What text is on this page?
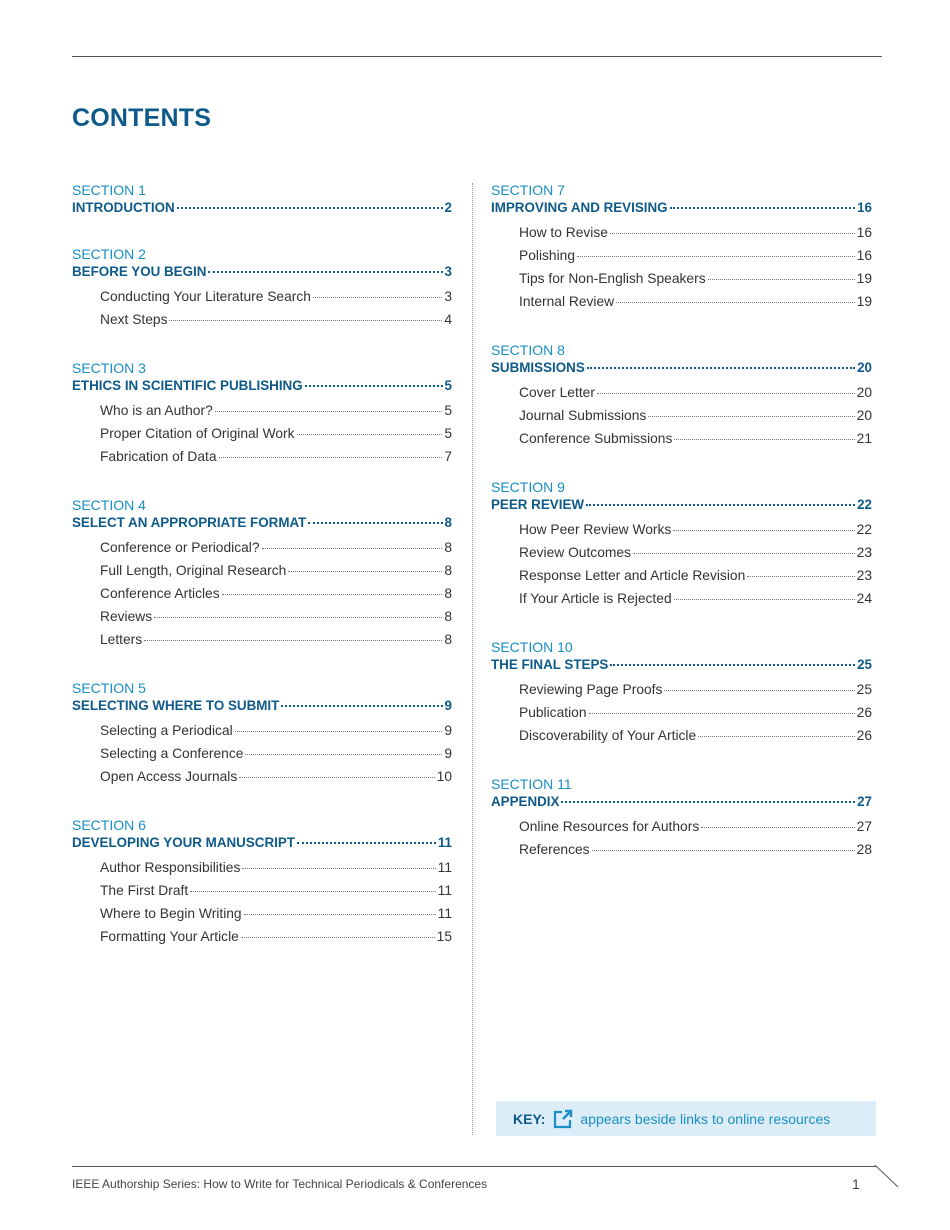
CONTENTS
SECTION 1
INTRODUCTION	2
SECTION 2
BEFORE YOU BEGIN	3
Conducting Your Literature Search	3
Next Steps	4
SECTION 3
ETHICS IN SCIENTIFIC PUBLISHING	5
Who is an Author?	5
Proper Citation of Original Work	5
Fabrication of Data	7
SECTION 4
SELECT AN APPROPRIATE FORMAT	8
Conference or Periodical?	8
Full Length, Original Research	8
Conference Articles	8
Reviews	8
Letters	8
SECTION 5
SELECTING WHERE TO SUBMIT	9
Selecting a Periodical	9
Selecting a Conference	9
Open Access Journals	10
SECTION 6
DEVELOPING YOUR MANUSCRIPT	11
Author Responsibilities	11
The First Draft	11
Where to Begin Writing	11
Formatting Your Article	15
SECTION 7
IMPROVING AND REVISING	16
How to Revise	16
Polishing	16
Tips for Non-English Speakers	19
Internal Review	19
SECTION 8
SUBMISSIONS	20
Cover Letter	20
Journal Submissions	20
Conference Submissions	21
SECTION 9
PEER REVIEW	22
How Peer Review Works	22
Review Outcomes	23
Response Letter and Article Revision	23
If Your Article is Rejected	24
SECTION 10
THE FINAL STEPS	25
Reviewing Page Proofs	25
Publication	26
Discoverability of Your Article	26
SECTION 11
APPENDIX	27
Online Resources for Authors	27
References	28
KEY:	appears beside links to online resources
IEEE Authorship Series: How to Write for Technical Periodicals & Conferences	1
